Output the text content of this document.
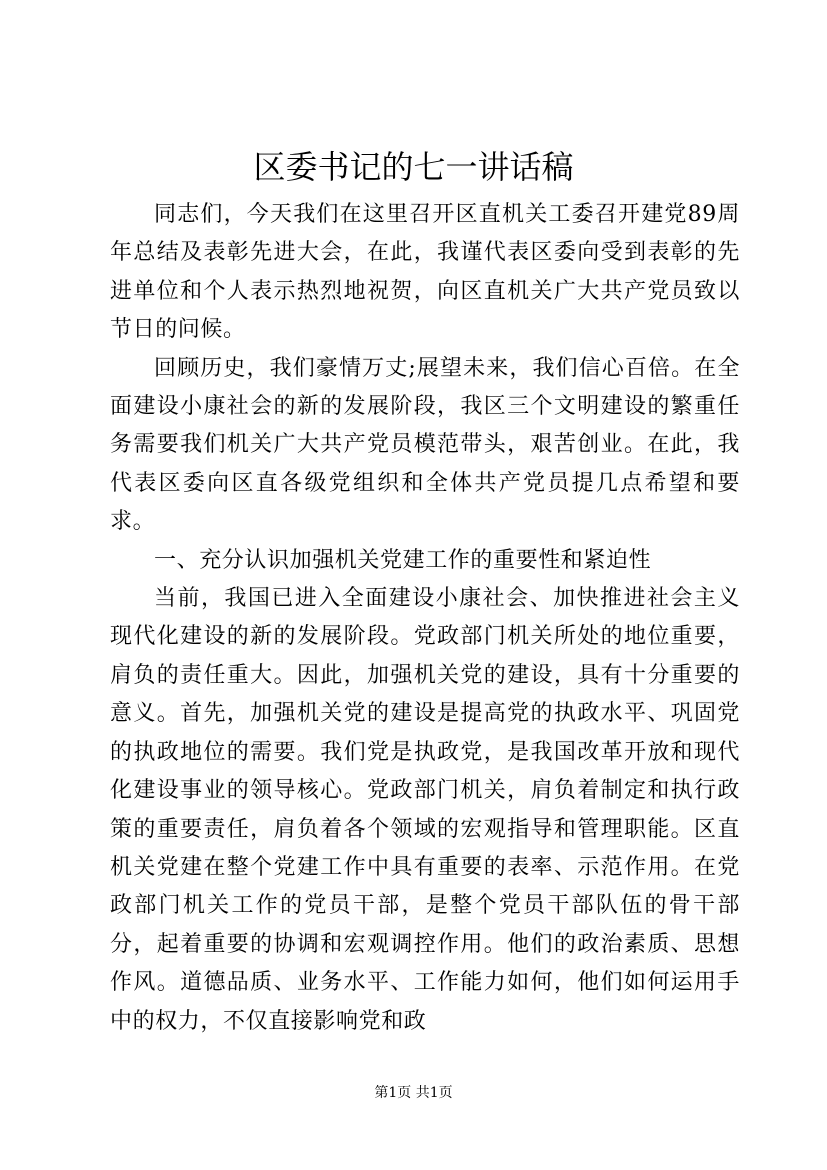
区委书记的七一讲话稿

同志们，今天我们在这里召开区直机关工委召开建党89周年总结及表彰先进大会，在此，我谨代表区委向受到表彰的先进单位和个人表示热烈地祝贺，向区直机关广大共产党员致以节日的问候。

回顾历史，我们豪情万丈;展望未来，我们信心百倍。在全面建设小康社会的新的发展阶段，我区三个文明建设的繁重任务需要我们机关广大共产党员模范带头，艰苦创业。在此，我代表区委向区直各级党组织和全体共产党员提几点希望和要求。

一、充分认识加强机关党建工作的重要性和紧迫性

当前，我国已进入全面建设小康社会、加快推进社会主义现代化建设的新的发展阶段。党政部门机关所处的地位重要，肩负的责任重大。因此，加强机关党的建设，具有十分重要的意义。首先，加强机关党的建设是提高党的执政水平、巩固党的执政地位的需要。我们党是执政党，是我国改革开放和现代化建设事业的领导核心。党政部门机关，肩负着制定和执行政策的重要责任，肩负着各个领域的宏观指导和管理职能。区直机关党建在整个党建工作中具有重要的表率、示范作用。在党政部门机关工作的党员干部，是整个党员干部队伍的骨干部分，起着重要的协调和宏观调控作用。他们的政治素质、思想作风。道德品质、业务水平、工作能力如何，他们如何运用手中的权力，不仅直接影响党和政

第1页 共1页
